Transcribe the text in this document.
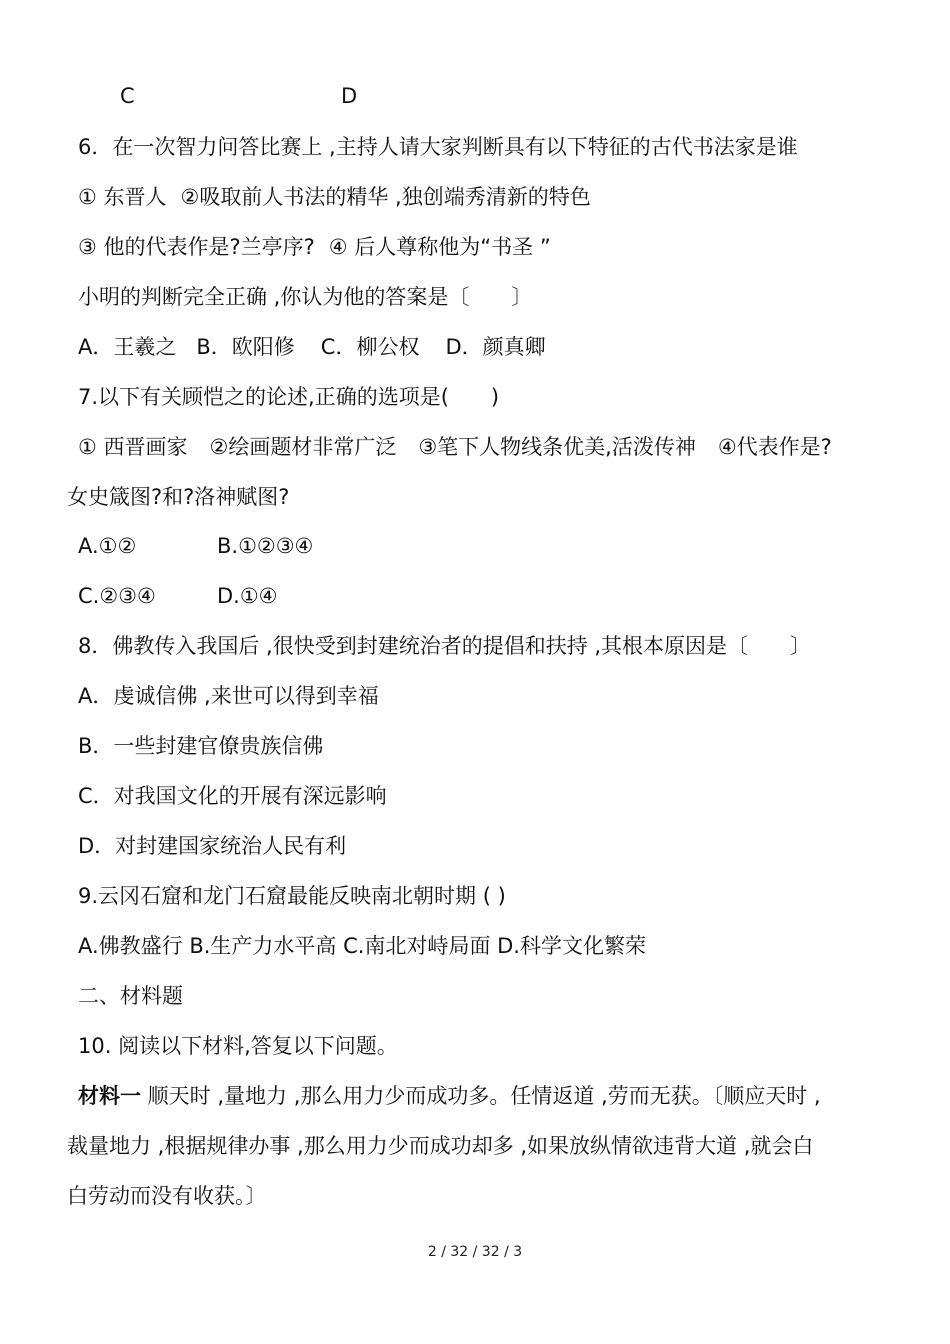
C	D
6．在一次智力问答比赛上 ,主持人请大家判断具有以下特征的古代书法家是谁
① 东晋人 ②吸取前人书法的精华 ,独创端秀清新的特色
③ 他的代表作是?兰亭序? ④ 后人尊称他为“书圣 ”
小明的判断完全正确 ,你认为他的答案是〔　　〕
A．王羲之 B．欧阳修 C．柳公权 D．颜真卿
7.以下有关顾恺之的论述,正确的选项是(　　)
① 西晋画家 ②绘画题材非常广泛 ③笔下人物线条优美,活泼传神 ④代表作是?
女史箴图?和?洛神赋图?
A.①②	B.①②③④
C.②③④	D.①④
8．佛教传入我国后 ,很快受到封建统治者的提倡和扶持 ,其根本原因是〔　　〕
A．虔诚信佛 ,来世可以得到幸福
B．一些封建官僚贵族信佛
C．对我国文化的开展有深远影响
D．对封建国家统治人民有利
9.云冈石窟和龙门石窟最能反映南北朝时期 ( )
A.佛教盛行 B.生产力水平高 C.南北对峙局面 D.科学文化繁荣
二、材料题
10. 阅读以下材料,答复以下问题。
材料一 顺天时 ,量地力 ,那么用力少而成功多。任情返道 ,劳而无获。〔顺应天时 ,
裁量地力 ,根据规律办事 ,那么用力少而成功却多 ,如果放纵情欲违背大道 ,就会白
白劳动而没有收获。〕
2 / 32 / 32 / 3
